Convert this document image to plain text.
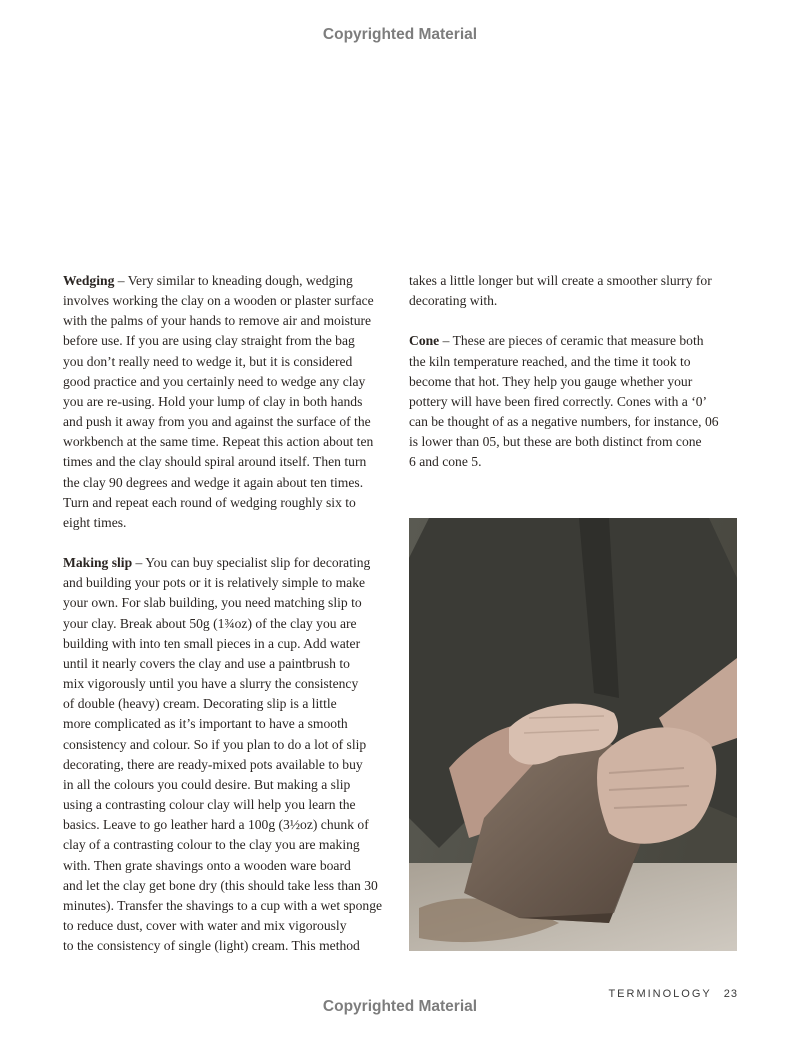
Copyrighted Material

Wedging – Very similar to kneading dough, wedging
involves working the clay on a wooden or plaster surface
with the palms of your hands to remove air and moisture
before use. If you are using clay straight from the bag
you don’t really need to wedge it, but it is considered
good practice and you certainly need to wedge any clay
you are re-using. Hold your lump of clay in both hands
and push it away from you and against the surface of the
workbench at the same time. Repeat this action about ten
times and the clay should spiral around itself. Then turn
the clay 90 degrees and wedge it again about ten times.
Turn and repeat each round of wedging roughly six to
eight times.

Making slip – You can buy specialist slip for decorating
and building your pots or it is relatively simple to make
your own. For slab building, you need matching slip to
your clay. Break about 50g (1¾oz) of the clay you are
building with into ten small pieces in a cup. Add water
until it nearly covers the clay and use a paintbrush to
mix vigorously until you have a slurry the consistency
of double (heavy) cream. Decorating slip is a little
more complicated as it’s important to have a smooth
consistency and colour. So if you plan to do a lot of slip
decorating, there are ready-mixed pots available to buy
in all the colours you could desire. But making a slip
using a contrasting colour clay will help you learn the
basics. Leave to go leather hard a 100g (3½oz) chunk of
clay of a contrasting colour to the clay you are making
with. Then grate shavings onto a wooden ware board
and let the clay get bone dry (this should take less than 30
minutes). Transfer the shavings to a cup with a wet sponge
to reduce dust, cover with water and mix vigorously
to the consistency of single (light) cream. This method

takes a little longer but will create a smoother slurry for
decorating with.

Cone – These are pieces of ceramic that measure both
the kiln temperature reached, and the time it took to
become that hot. They help you gauge whether your
pottery will have been fired correctly. Cones with a ‘0’
can be thought of as a negative numbers, for instance, 06
is lower than 05, but these are both distinct from cone
6 and cone 5.

TERMINOLOGY 23
Copyrighted Material
